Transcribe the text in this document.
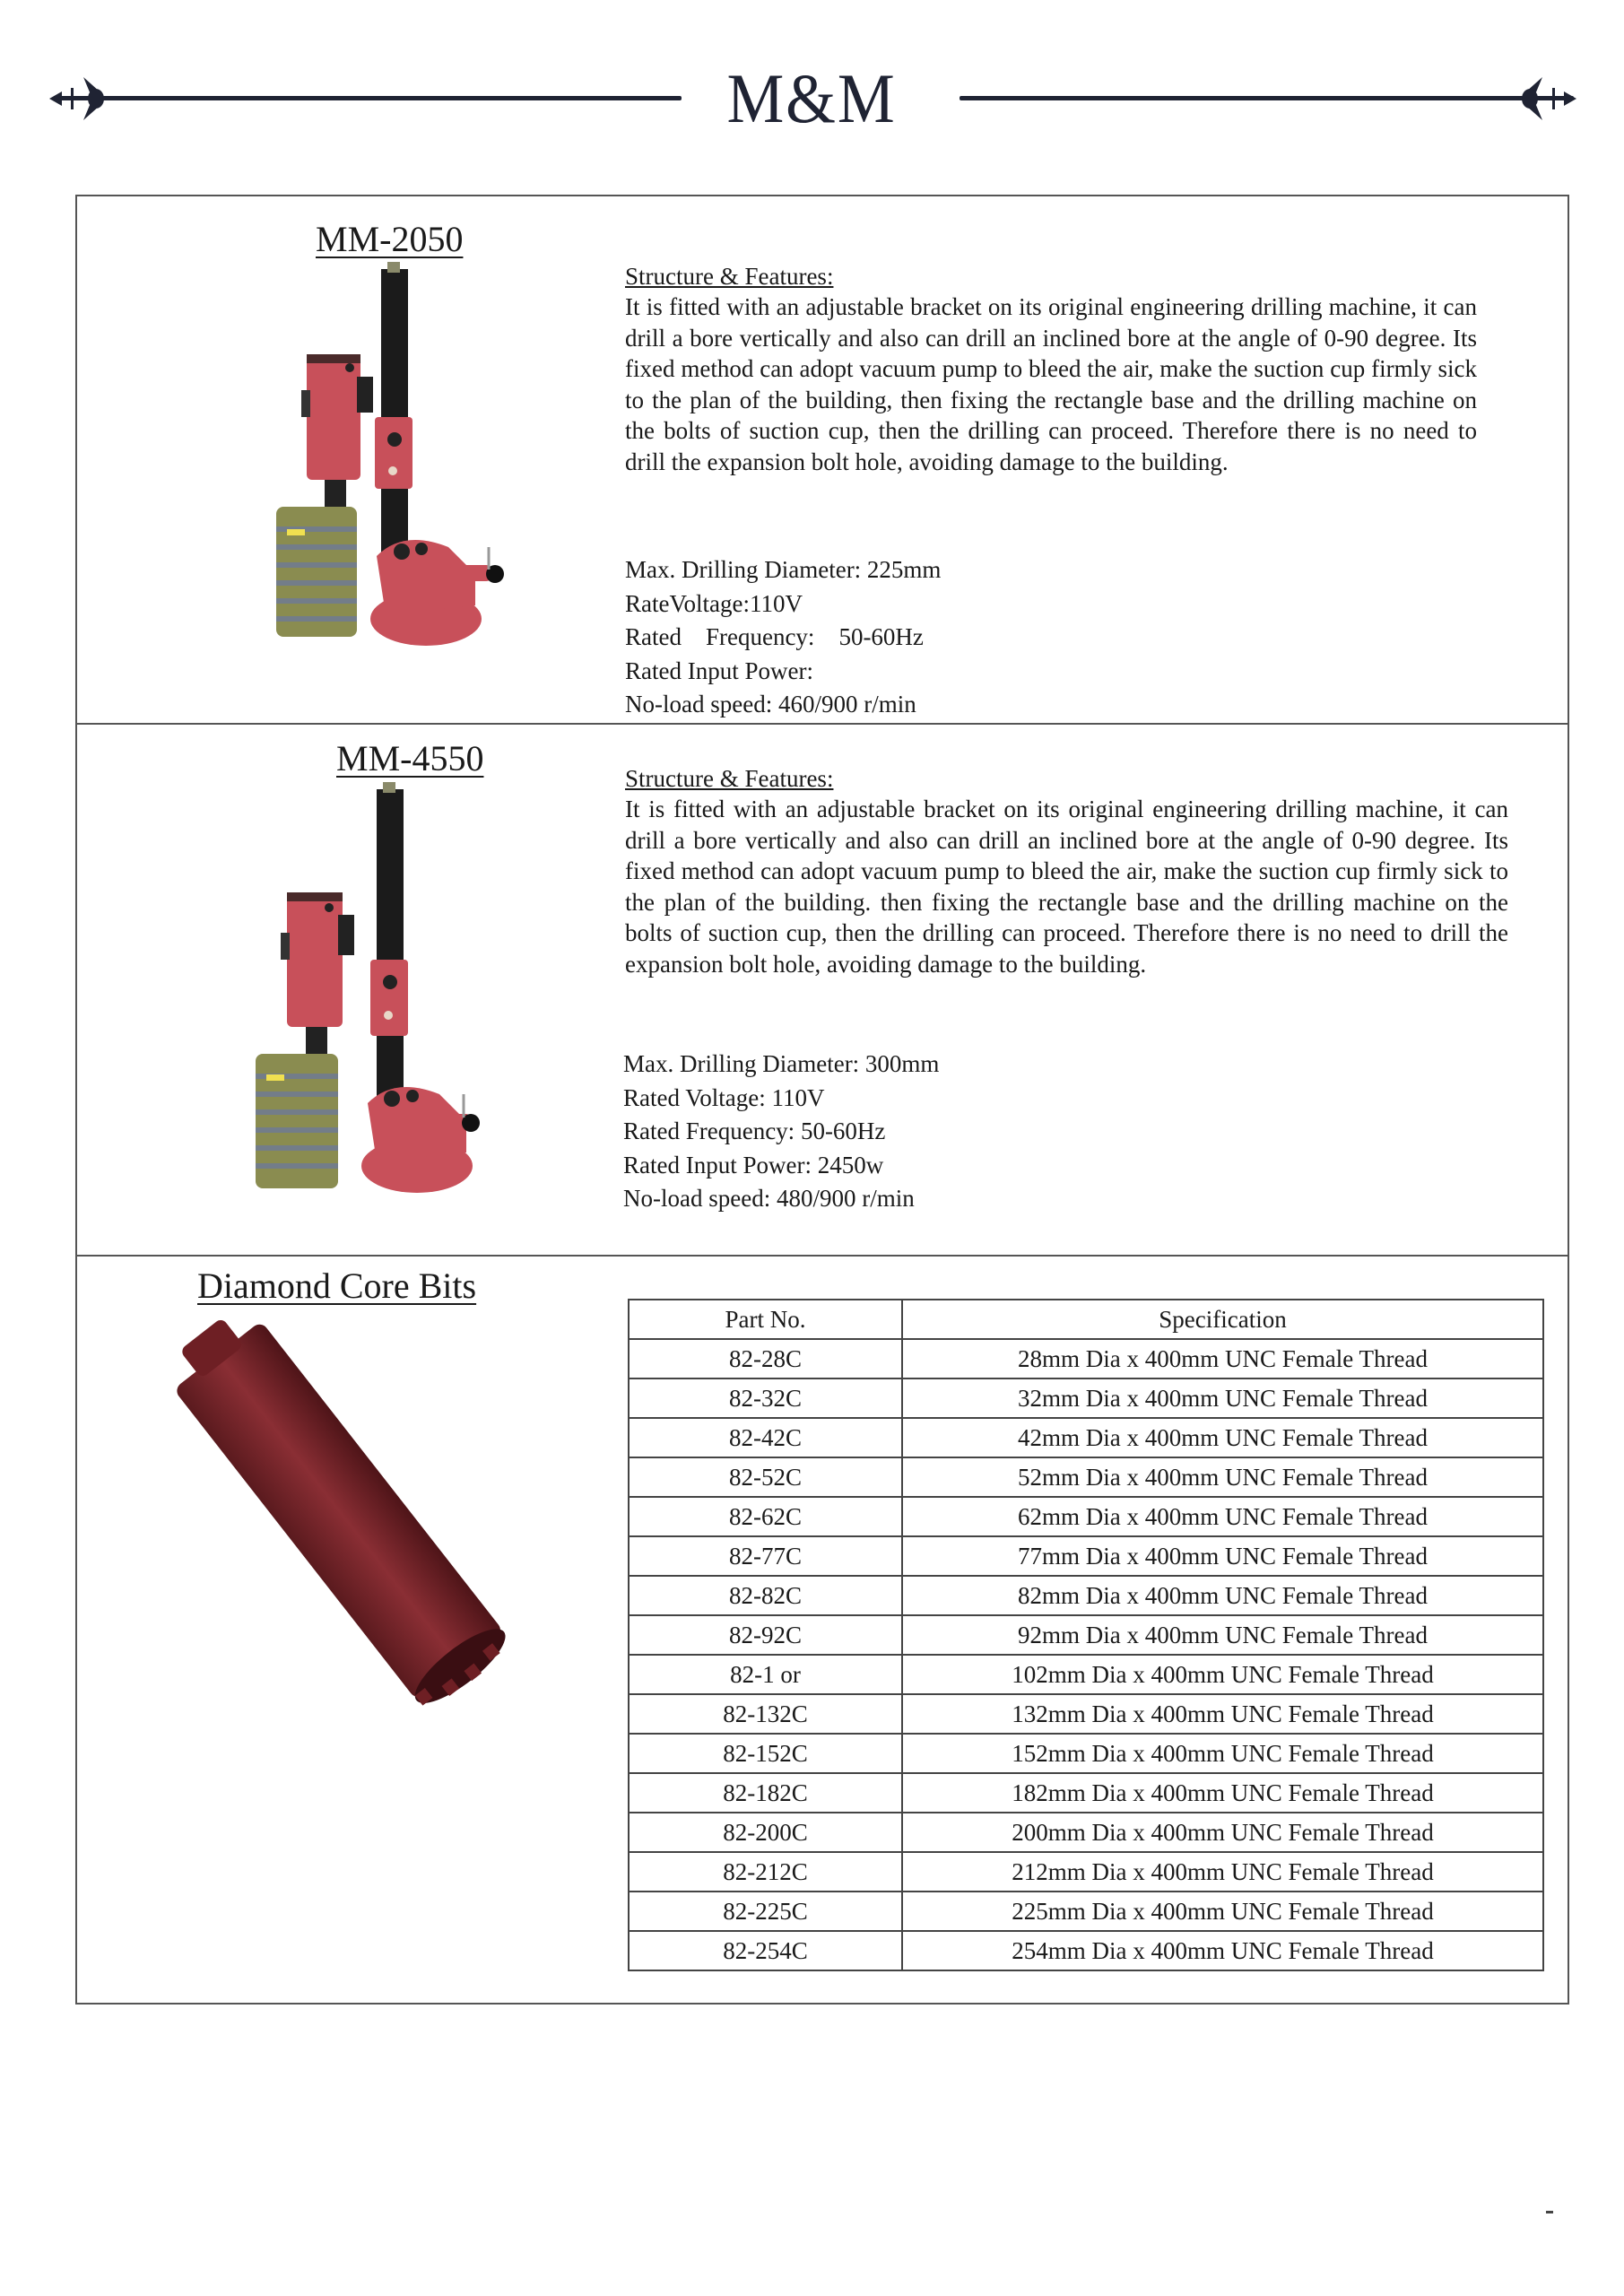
M&M
MM-2050
Structure & Features:
It is fitted with an adjustable bracket on its original engineering drilling machine, it can drill a bore vertically and also can drill an inclined bore at the angle of 0-90 degree. Its fixed method can adopt vacuum pump to bleed the air, make the suction cup firmly sick to the plan of the building, then fixing the rectangle base and the drilling machine on the bolts of suction cup, then the drilling can proceed. Therefore there is no need to drill the expansion bolt hole, avoiding damage to the building.
Max. Drilling Diameter: 225mm
RateVoltage:110V
Rated    Frequency:    50-60Hz
Rated Input Power:
No-load speed: 460/900 r/min
MM-4550	Structure & Features:
It is fitted with an adjustable bracket on its original engineering drilling machine, it can drill a bore vertically and also can drill an inclined bore at the angle of 0-90 degree. Its fixed method can adopt vacuum pump to bleed the air, make the suction cup firmly sick to the plan of the building. then fixing the rectangle base and the drilling machine on the bolts of suction cup, then the drilling can proceed. Therefore there is no need to drill the expansion bolt hole, avoiding damage to the building.
Max. Drilling Diameter: 300mm
Rated Voltage: 110V
Rated Frequency: 50-60Hz
Rated Input Power: 2450w
No-load speed: 480/900 r/min
Diamond Core Bits
Part No.	Specification
82-28C	28mm Dia x 400mm UNC Female Thread
82-32C	32mm Dia x 400mm UNC Female Thread
82-42C	42mm Dia x 400mm UNC Female Thread
82-52C	52mm Dia x 400mm UNC Female Thread
82-62C	62mm Dia x 400mm UNC Female Thread
82-77C	77mm Dia x 400mm UNC Female Thread
82-82C	82mm Dia x 400mm UNC Female Thread
82-92C	92mm Dia x 400mm UNC Female Thread
82-1 or	102mm Dia x 400mm UNC Female Thread
82-132C	132mm Dia x 400mm UNC Female Thread
82-152C	152mm Dia x 400mm UNC Female Thread
82-182C	182mm Dia x 400mm UNC Female Thread
82-200C	200mm Dia x 400mm UNC Female Thread
82-212C	212mm Dia x 400mm UNC Female Thread
82-225C	225mm Dia x 400mm UNC Female Thread
82-254C	254mm Dia x 400mm UNC Female Thread
